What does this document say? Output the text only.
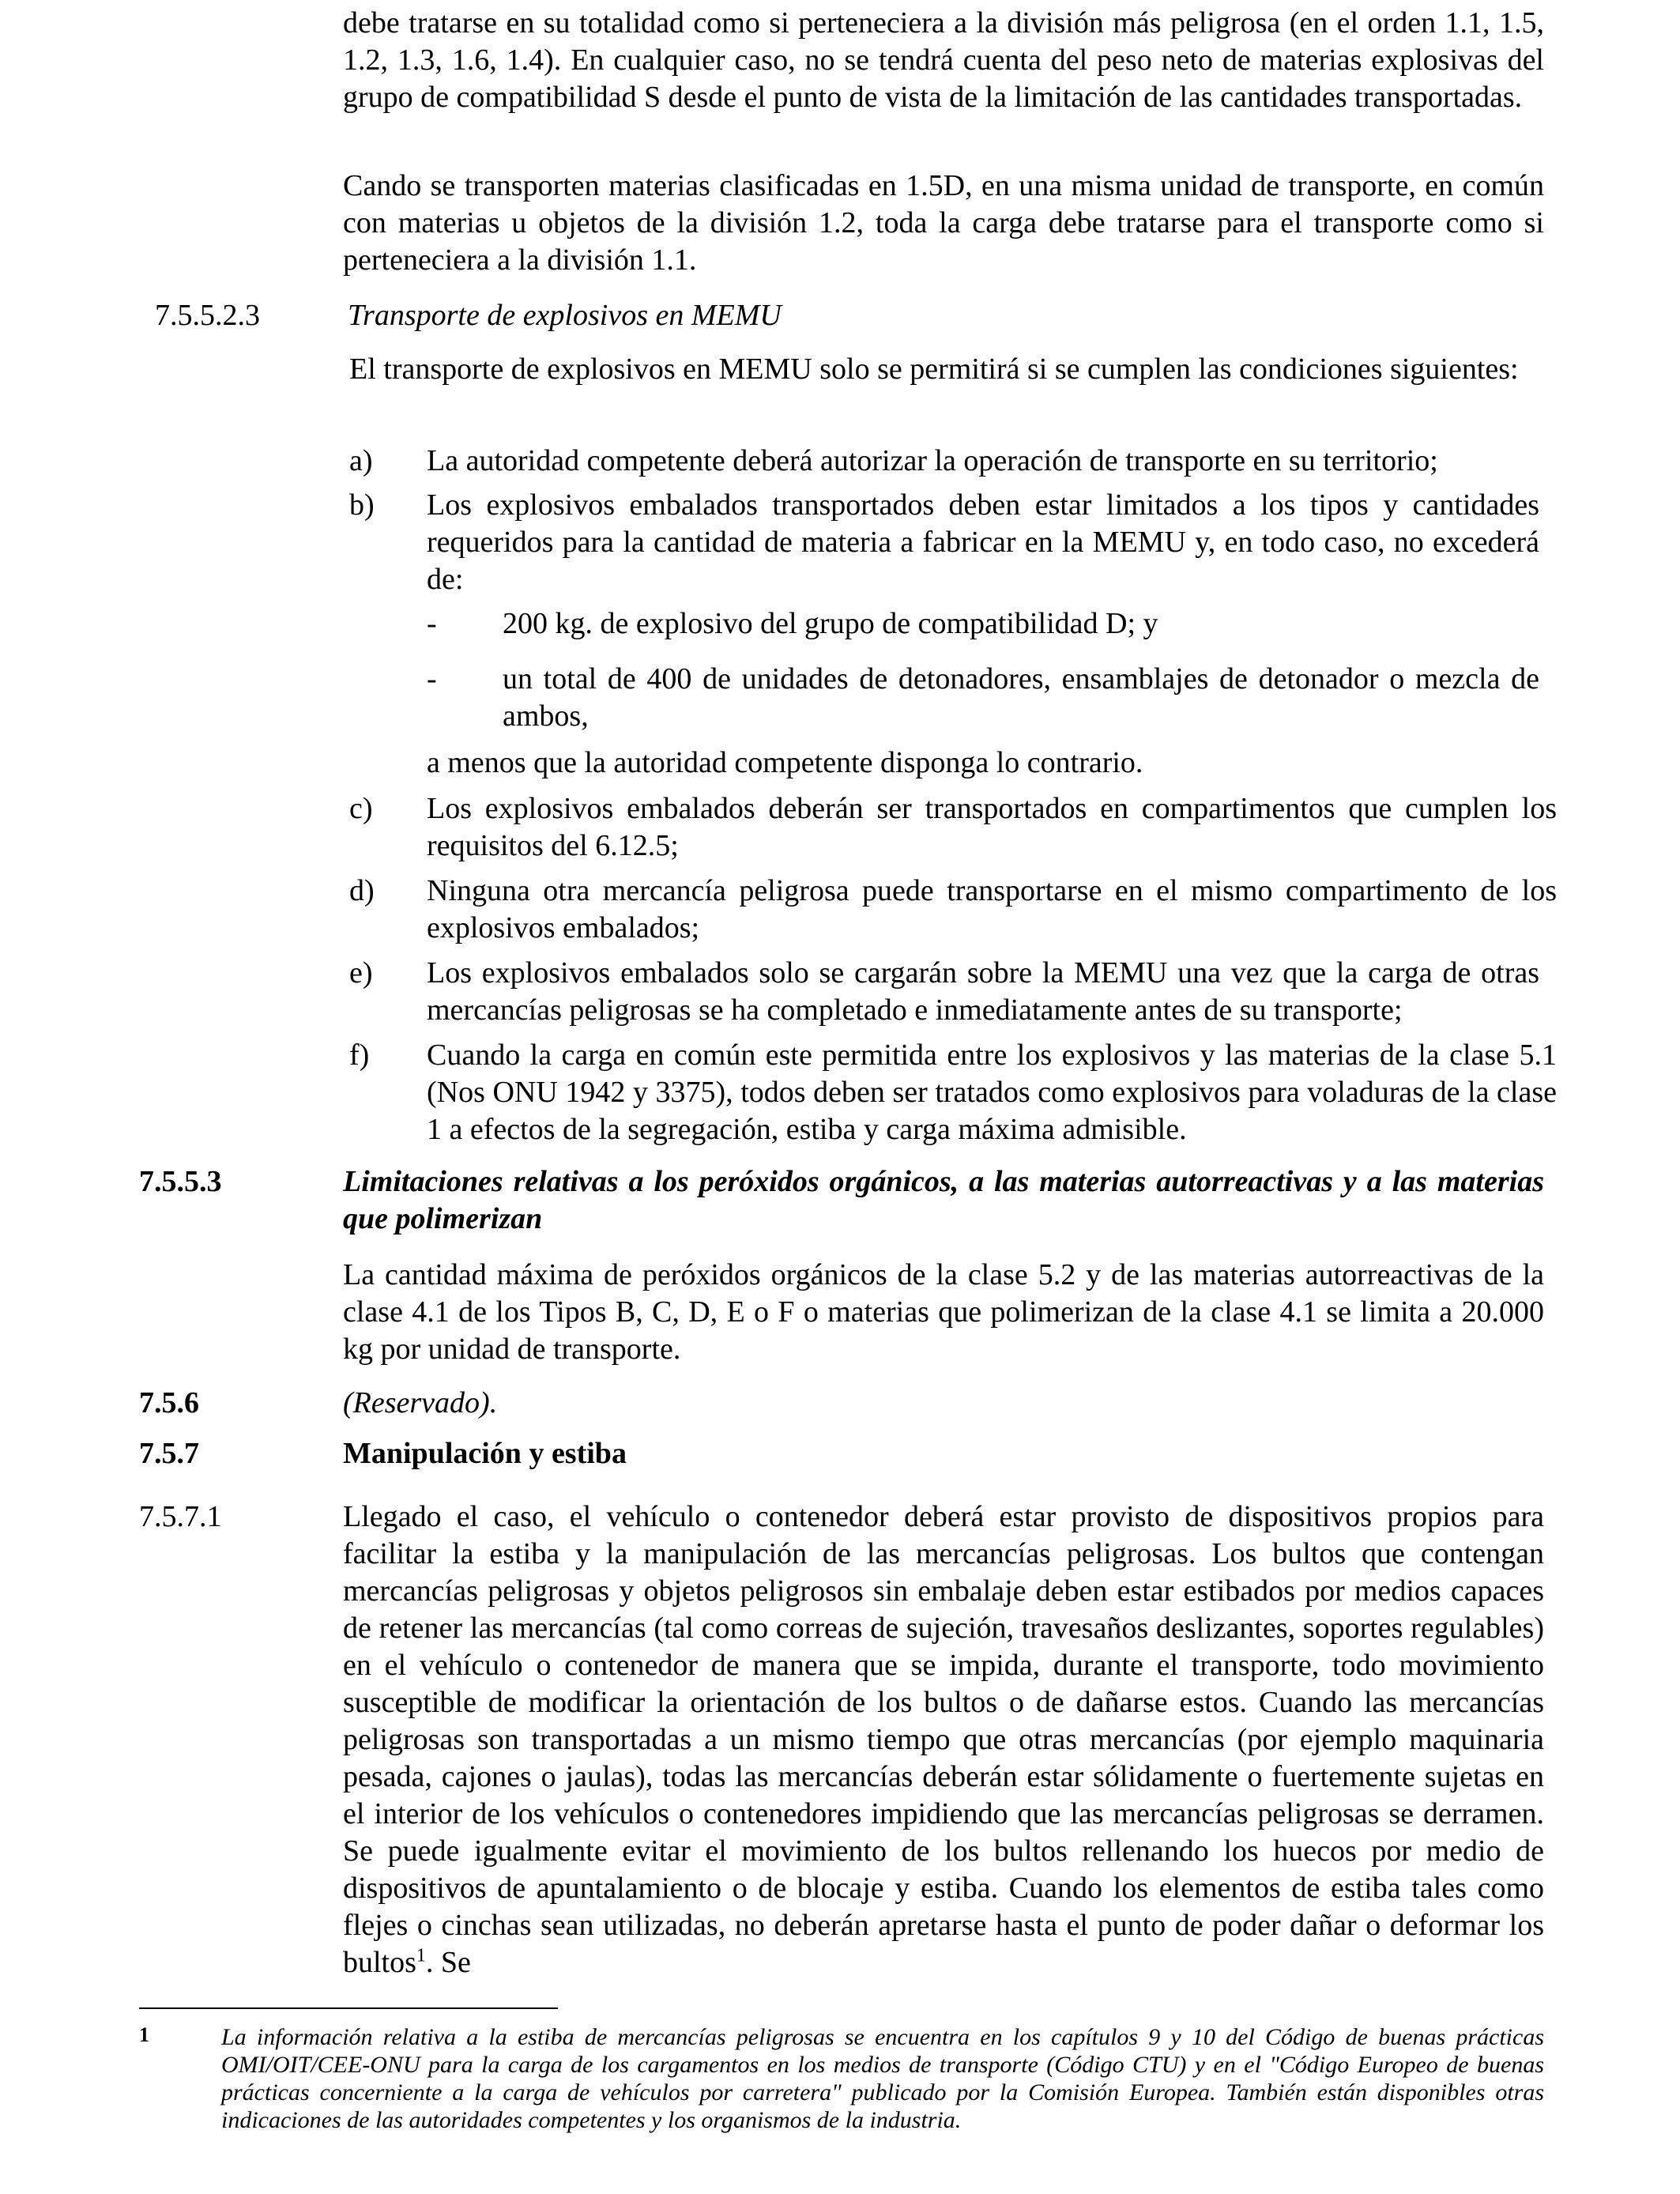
debe tratarse en su totalidad como si perteneciera a la división más peligrosa (en el orden 1.1, 1.5, 1.2, 1.3, 1.6, 1.4). En cualquier caso, no se tendrá cuenta del peso neto de materias explosivas del grupo de compatibilidad S desde el punto de vista de la limitación de las cantidades transportadas.

Cando se transporten materias clasificadas en 1.5D, en una misma unidad de transporte, en común con materias u objetos de la división 1.2, toda la carga debe tratarse para el transporte como si perteneciera a la división 1.1.

7.5.5.2.3	Transporte de explosivos en MEMU

El transporte de explosivos en MEMU solo se permitirá si se cumplen las condiciones siguientes:

a) La autoridad competente deberá autorizar la operación de transporte en su territorio;

b) Los explosivos embalados transportados deben estar limitados a los tipos y cantidades requeridos para la cantidad de materia a fabricar en la MEMU y, en todo caso, no excederá de:

- 200 kg. de explosivo del grupo de compatibilidad D; y

- un total de 400 de unidades de detonadores, ensamblajes de detonador o mezcla de ambos,

a menos que la autoridad competente disponga lo contrario.

c) Los explosivos embalados deberán ser transportados en compartimentos que cumplen los requisitos del 6.12.5;

d) Ninguna otra mercancía peligrosa puede transportarse en el mismo compartimento de los explosivos embalados;

e) Los explosivos embalados solo se cargarán sobre la MEMU una vez que la carga de otras mercancías peligrosas se ha completado e inmediatamente antes de su transporte;

f) Cuando la carga en común este permitida entre los explosivos y las materias de la clase 5.1 (Nos ONU 1942 y 3375), todos deben ser tratados como explosivos para voladuras de la clase 1 a efectos de la segregación, estiba y carga máxima admisible.

7.5.5.3	Limitaciones relativas a los peróxidos orgánicos, a las materias autorreactivas y a las materias que polimerizan

La cantidad máxima de peróxidos orgánicos de la clase 5.2 y de las materias autorreactivas de la clase 4.1 de los Tipos B, C, D, E o F o materias que polimerizan de la clase 4.1 se limita a 20.000 kg por unidad de transporte.

7.5.6	(Reservado).

7.5.7	Manipulación y estiba

7.5.7.1	Llegado el caso, el vehículo o contenedor deberá estar provisto de dispositivos propios para facilitar la estiba y la manipulación de las mercancías peligrosas. Los bultos que contengan mercancías peligrosas y objetos peligrosos sin embalaje deben estar estibados por medios capaces de retener las mercancías (tal como correas de sujeción, travesaños deslizantes, soportes regulables) en el vehículo o contenedor de manera que se impida, durante el transporte, todo movimiento susceptible de modificar la orientación de los bultos o de dañarse estos. Cuando las mercancías peligrosas son transportadas a un mismo tiempo que otras mercancías (por ejemplo maquinaria pesada, cajones o jaulas), todas las mercancías deberán estar sólidamente o fuertemente sujetas en el interior de los vehículos o contenedores impidiendo que las mercancías peligrosas se derramen. Se puede igualmente evitar el movimiento de los bultos rellenando los huecos por medio de dispositivos de apuntalamiento o de blocaje y estiba. Cuando los elementos de estiba tales como flejes o cinchas sean utilizadas, no deberán apretarse hasta el punto de poder dañar o deformar los bultos$^1$. Se

1	La información relativa a la estiba de mercancías peligrosas se encuentra en los capítulos 9 y 10 del Código de buenas prácticas OMI/OIT/CEE-ONU para la carga de los cargamentos en los medios de transporte (Código CTU) y en el "Código Europeo de buenas prácticas concerniente a la carga de vehículos por carretera" publicado por la Comisión Europea. También están disponibles otras indicaciones de las autoridades competentes y los organismos de la industria.
